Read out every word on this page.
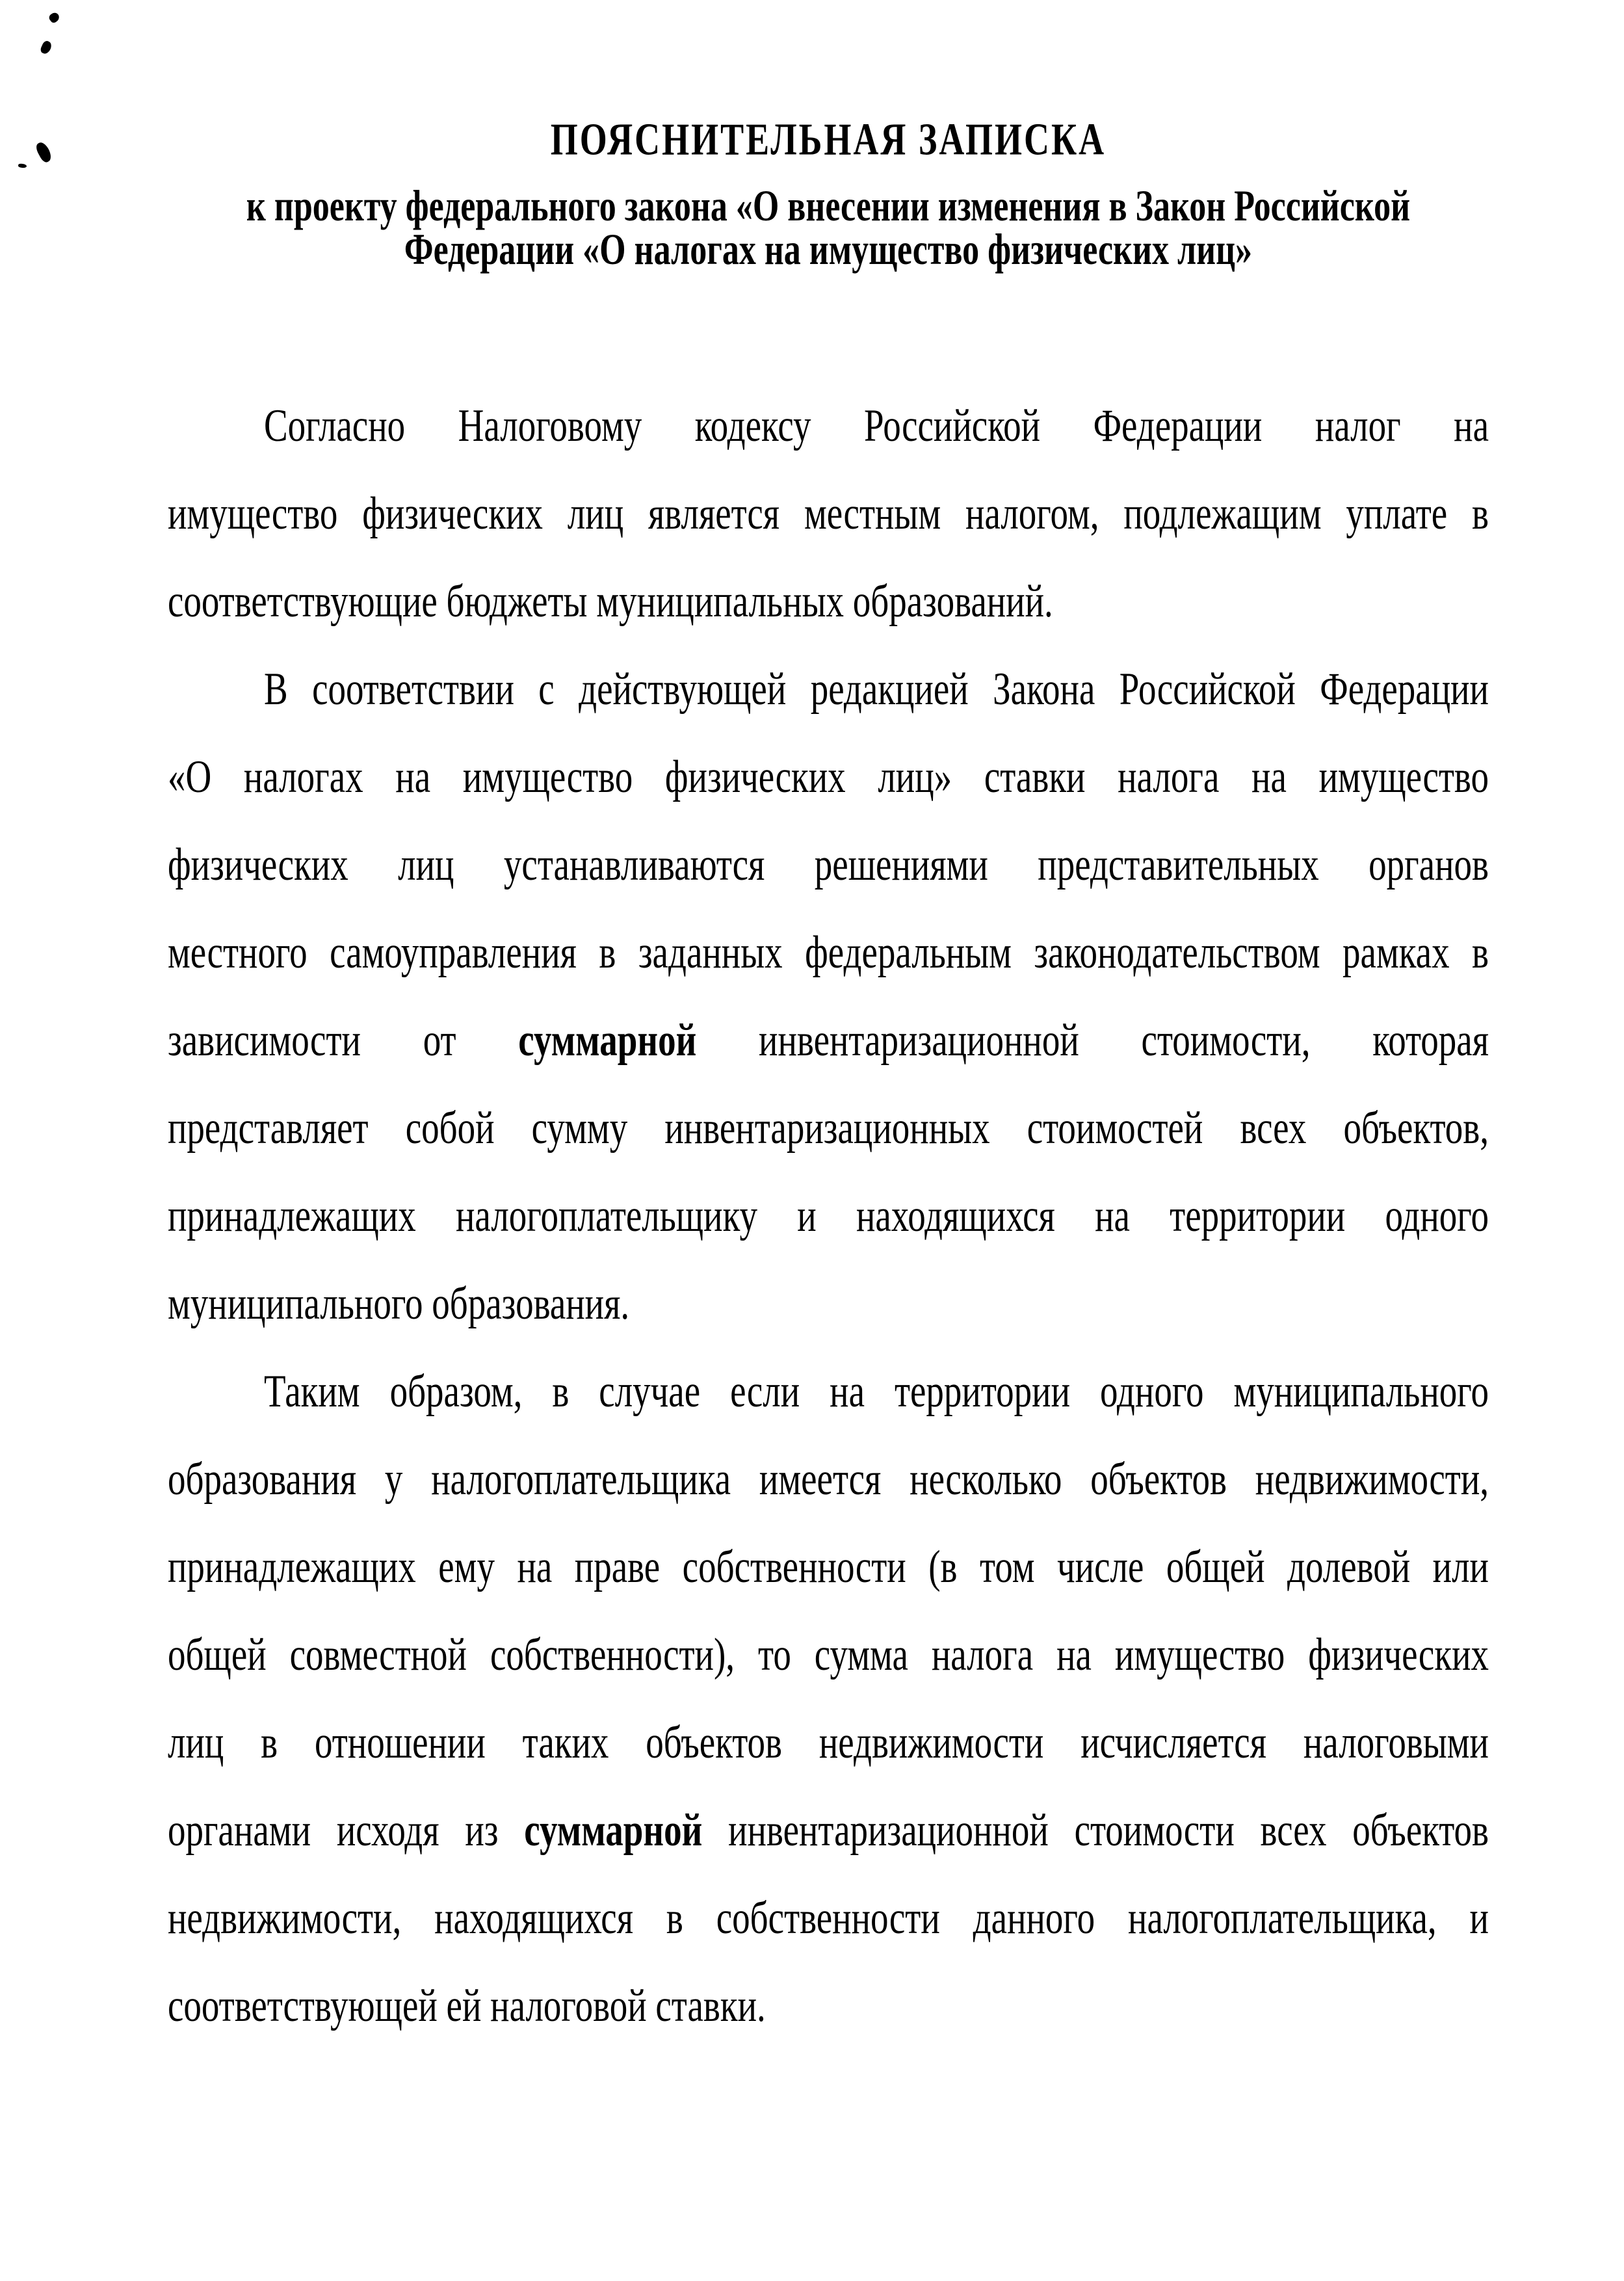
ПОЯСНИТЕЛЬНАЯ ЗАПИСКА
к проекту федерального закона «О внесении изменения в Закон Российской
Федерации «О налогах на имущество физических лиц»
Согласно Налоговому кодексу Российской Федерации налог на
имущество физических лиц является местным налогом, подлежащим уплате в
соответствующие бюджеты муниципальных образований.
В соответствии с действующей редакцией Закона Российской Федерации
«О налогах на имущество физических лиц» ставки налога на имущество
физических лиц устанавливаются решениями представительных органов
местного самоуправления в заданных федеральным законодательством рамках в
зависимости от суммарной инвентаризационной стоимости, которая
представляет собой сумму инвентаризационных стоимостей всех объектов,
принадлежащих налогоплательщику и находящихся на территории одного
муниципального образования.
Таким образом, в случае если на территории одного муниципального
образования у налогоплательщика имеется несколько объектов недвижимости,
принадлежащих ему на праве собственности (в том числе общей долевой или
общей совместной собственности), то сумма налога на имущество физических
лиц в отношении таких объектов недвижимости исчисляется налоговыми
органами исходя из суммарной инвентаризационной стоимости всех объектов
недвижимости, находящихся в собственности данного налогоплательщика, и
соответствующей ей налоговой ставки.
